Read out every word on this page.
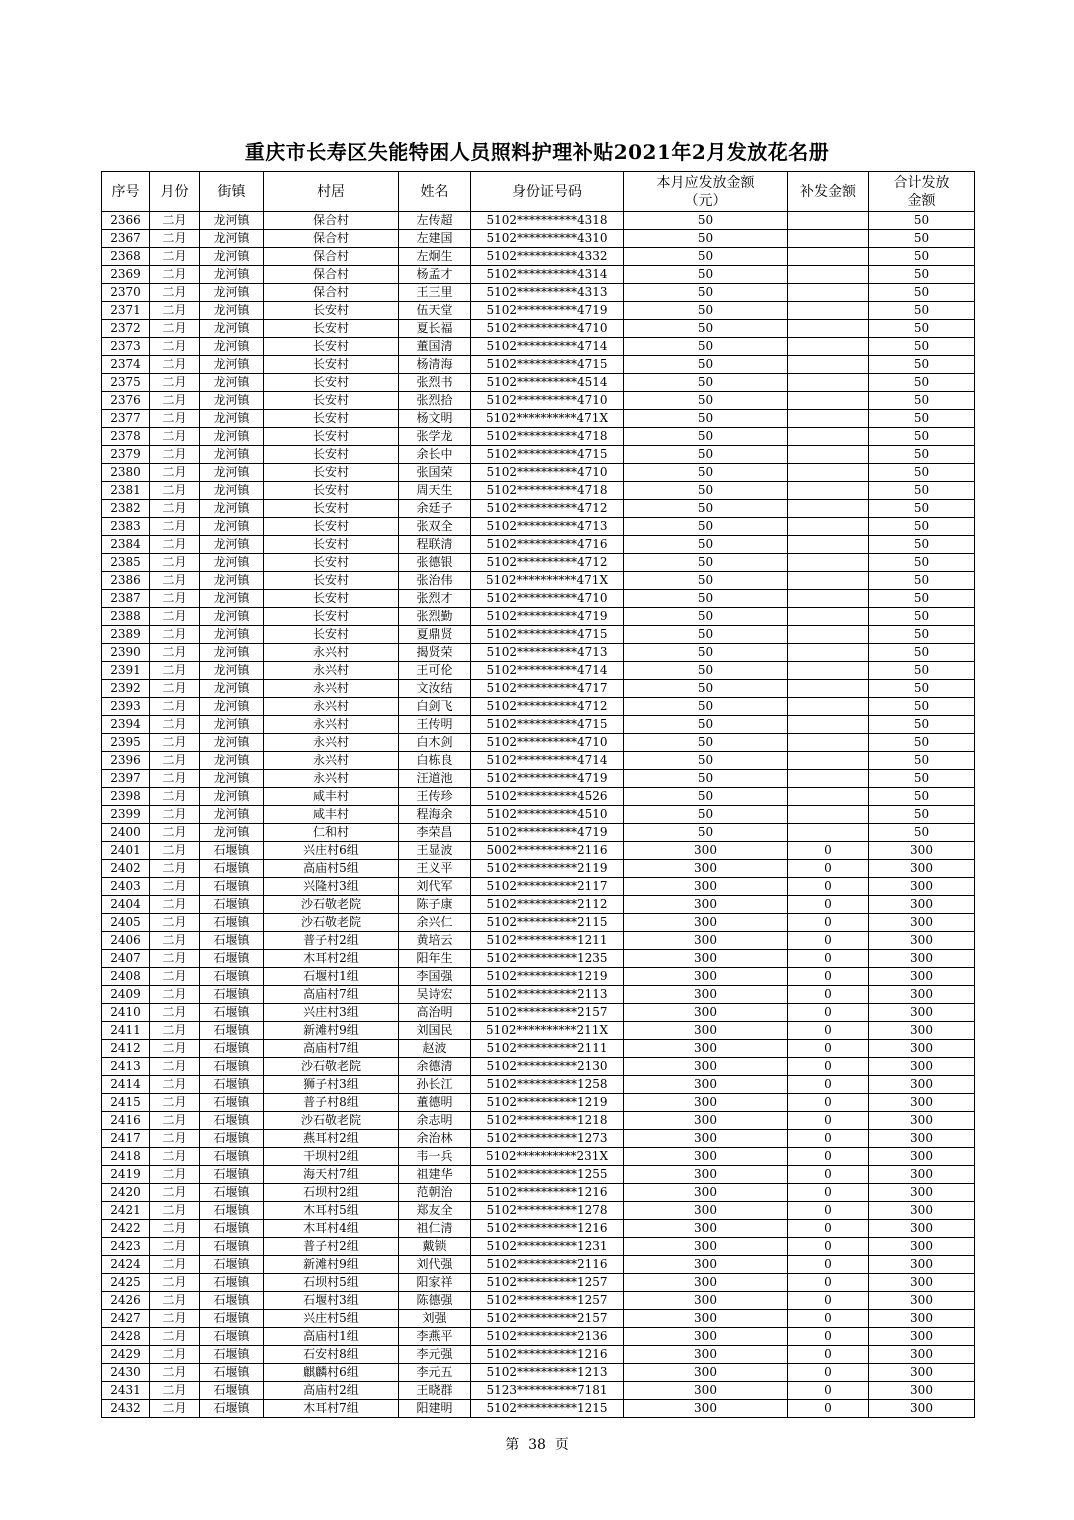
重庆市长寿区失能特困人员照料护理补贴2021年2月发放花名册
序号	月份	街镇	村居	姓名	身份证号码	本月应发放金额（元）	补发金额	合计发放金额
2366	二月	龙河镇	保合村	左传超	5102**********4318	50		50
2367	二月	龙河镇	保合村	左建国	5102**********4310	50		50
2368	二月	龙河镇	保合村	左炯生	5102**********4332	50		50
2369	二月	龙河镇	保合村	杨孟才	5102**********4314	50		50
2370	二月	龙河镇	保合村	王三里	5102**********4313	50		50
2371	二月	龙河镇	长安村	伍天堂	5102**********4719	50		50
2372	二月	龙河镇	长安村	夏长福	5102**********4710	50		50
2373	二月	龙河镇	长安村	董国清	5102**********4714	50		50
2374	二月	龙河镇	长安村	杨清海	5102**********4715	50		50
2375	二月	龙河镇	长安村	张烈书	5102**********4514	50		50
2376	二月	龙河镇	长安村	张烈拾	5102**********4710	50		50
2377	二月	龙河镇	长安村	杨文明	5102**********471X	50		50
2378	二月	龙河镇	长安村	张学龙	5102**********4718	50		50
2379	二月	龙河镇	长安村	余长中	5102**********4715	50		50
2380	二月	龙河镇	长安村	张国荣	5102**********4710	50		50
2381	二月	龙河镇	长安村	周天生	5102**********4718	50		50
2382	二月	龙河镇	长安村	余廷子	5102**********4712	50		50
2383	二月	龙河镇	长安村	张双全	5102**********4713	50		50
2384	二月	龙河镇	长安村	程联清	5102**********4716	50		50
2385	二月	龙河镇	长安村	张德银	5102**********4712	50		50
2386	二月	龙河镇	长安村	张治伟	5102**********471X	50		50
2387	二月	龙河镇	长安村	张烈才	5102**********4710	50		50
2388	二月	龙河镇	长安村	张烈勤	5102**********4719	50		50
2389	二月	龙河镇	长安村	夏鼎贤	5102**********4715	50		50
2390	二月	龙河镇	永兴村	揭贤荣	5102**********4713	50		50
2391	二月	龙河镇	永兴村	王可伦	5102**********4714	50		50
2392	二月	龙河镇	永兴村	文汝结	5102**********4717	50		50
2393	二月	龙河镇	永兴村	白剑飞	5102**********4712	50		50
2394	二月	龙河镇	永兴村	王传明	5102**********4715	50		50
2395	二月	龙河镇	永兴村	白木剑	5102**********4710	50		50
2396	二月	龙河镇	永兴村	白栋良	5102**********4714	50		50
2397	二月	龙河镇	永兴村	汪道池	5102**********4719	50		50
2398	二月	龙河镇	咸丰村	王传珍	5102**********4526	50		50
2399	二月	龙河镇	咸丰村	程海余	5102**********4510	50		50
2400	二月	龙河镇	仁和村	李荣昌	5102**********4719	50		50
2401	二月	石堰镇	兴庄村6组	王显波	5002**********2116	300	0	300
2402	二月	石堰镇	高庙村5组	王义平	5102**********2119	300	0	300
2403	二月	石堰镇	兴隆村3组	刘代军	5102**********2117	300	0	300
2404	二月	石堰镇	沙石敬老院	陈子康	5102**********2112	300	0	300
2405	二月	石堰镇	沙石敬老院	余兴仁	5102**********2115	300	0	300
2406	二月	石堰镇	普子村2组	黄培云	5102**********1211	300	0	300
2407	二月	石堰镇	木耳村2组	阳年生	5102**********1235	300	0	300
2408	二月	石堰镇	石堰村1组	李国强	5102**********1219	300	0	300
2409	二月	石堰镇	高庙村7组	吴诗宏	5102**********2113	300	0	300
2410	二月	石堰镇	兴庄村3组	高治明	5102**********2157	300	0	300
2411	二月	石堰镇	新滩村9组	刘国民	5102**********211X	300	0	300
2412	二月	石堰镇	高庙村7组	赵波	5102**********2111	300	0	300
2413	二月	石堰镇	沙石敬老院	余德清	5102**********2130	300	0	300
2414	二月	石堰镇	狮子村3组	孙长江	5102**********1258	300	0	300
2415	二月	石堰镇	普子村8组	董德明	5102**********1219	300	0	300
2416	二月	石堰镇	沙石敬老院	余志明	5102**********1218	300	0	300
2417	二月	石堰镇	燕耳村2组	余治林	5102**********1273	300	0	300
2418	二月	石堰镇	干坝村2组	韦一兵	5102**********231X	300	0	300
2419	二月	石堰镇	海天村7组	祖建华	5102**********1255	300	0	300
2420	二月	石堰镇	石坝村2组	范朝治	5102**********1216	300	0	300
2421	二月	石堰镇	木耳村5组	郑友全	5102**********1278	300	0	300
2422	二月	石堰镇	木耳村4组	祖仁清	5102**********1216	300	0	300
2423	二月	石堰镇	普子村2组	戴锁	5102**********1231	300	0	300
2424	二月	石堰镇	新滩村9组	刘代强	5102**********2116	300	0	300
2425	二月	石堰镇	石坝村5组	阳家祥	5102**********1257	300	0	300
2426	二月	石堰镇	石堰村3组	陈德强	5102**********1257	300	0	300
2427	二月	石堰镇	兴庄村5组	刘强	5102**********2157	300	0	300
2428	二月	石堰镇	高庙村1组	李燕平	5102**********2136	300	0	300
2429	二月	石堰镇	石安村8组	李元强	5102**********1216	300	0	300
2430	二月	石堰镇	麒麟村6组	李元五	5102**********1213	300	0	300
2431	二月	石堰镇	高庙村2组	王晓群	5123**********7181	300	0	300
2432	二月	石堰镇	木耳村7组	阳建明	5102**********1215	300	0	300
第  38  页
